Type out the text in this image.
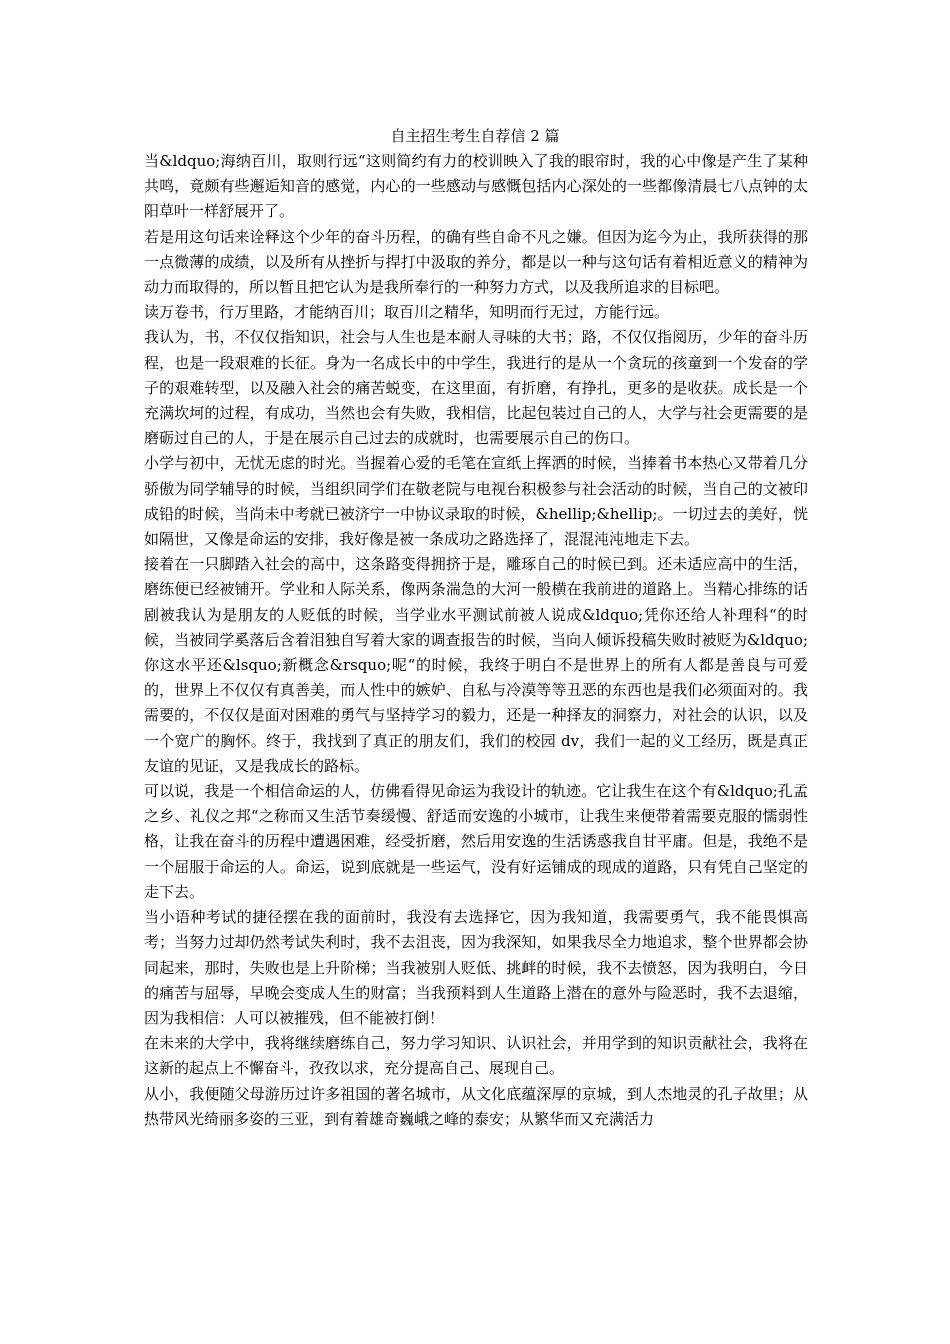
自主招生考生自荐信 2 篇

当&ldquo;海纳百川，取则行远“这则简约有力的校训映入了我的眼帘时，我的心中像是产生了某种共鸣，竟颇有些邂逅知音的感觉，内心的一些感动与感慨包括内心深处的一些都像清晨七八点钟的太阳草叶一样舒展开了。

若是用这句话来诠释这个少年的奋斗历程，的确有些自命不凡之嫌。但因为迄今为止，我所获得的那一点微薄的成绩，以及所有从挫折与捍打中汲取的养分，都是以一种与这句话有着相近意义的精神为动力而取得的，所以暂且把它认为是我所奉行的一种努力方式，以及我所追求的目标吧。

读万卷书，行万里路，才能纳百川；取百川之精华，知明而行无过，方能行远。

我认为，书，不仅仅指知识，社会与人生也是本耐人寻味的大书；路，不仅仅指阅历，少年的奋斗历程，也是一段艰难的长征。身为一名成长中的中学生，我进行的是从一个贪玩的孩童到一个发奋的学子的艰难转型，以及融入社会的痛苦蜕变，在这里面，有折磨，有挣扎，更多的是收获。成长是一个充满坎坷的过程，有成功，当然也会有失败，我相信，比起包装过自己的人，大学与社会更需要的是磨砺过自己的人，于是在展示自己过去的成就时，也需要展示自己的伤口。

小学与初中，无忧无虑的时光。当握着心爱的毛笔在宣纸上挥洒的时候，当捧着书本热心又带着几分骄傲为同学辅导的时候，当组织同学们在敬老院与电视台积极参与社会活动的时候，当自己的文被印成铅的时候，当尚未中考就已被济宁一中协议录取的时候，&hellip;&hellip;。一切过去的美好，恍如隔世，又像是命运的安排，我好像是被一条成功之路选择了，混混沌沌地走下去。

接着在一只脚踏入社会的高中，这条路变得拥挤于是，雕琢自己的时候已到。还未适应高中的生活，磨练便已经被铺开。学业和人际关系，像两条湍急的大河一般横在我前进的道路上。当精心排练的话剧被我认为是朋友的人贬低的时候，当学业水平测试前被人说成&ldquo;凭你还给人补理科“的时候，当被同学奚落后含着泪独自写着大家的调查报告的时候，当向人倾诉投稿失败时被贬为&ldquo;你这水平还&lsquo;新概念&rsquo;呢“的时候，我终于明白不是世界上的所有人都是善良与可爱的，世界上不仅仅有真善美，而人性中的嫉妒、自私与冷漠等等丑恶的东西也是我们必须面对的。我需要的，不仅仅是面对困难的勇气与坚持学习的毅力，还是一种择友的洞察力，对社会的认识，以及一个宽广的胸怀。终于，我找到了真正的朋友们，我们的校园 dv，我们一起的义工经历，既是真正友谊的见证，又是我成长的路标。

可以说，我是一个相信命运的人，仿佛看得见命运为我设计的轨迹。它让我生在这个有&ldquo;孔孟之乡、礼仪之邦“之称而又生活节奏缓慢、舒适而安逸的小城市，让我生来便带着需要克服的懦弱性格，让我在奋斗的历程中遭遇困难，经受折磨，然后用安逸的生活诱惑我自甘平庸。但是，我绝不是一个屈服于命运的人。命运，说到底就是一些运气，没有好运铺成的现成的道路，只有凭自己坚定的走下去。

当小语种考试的捷径摆在我的面前时，我没有去选择它，因为我知道，我需要勇气，我不能畏惧高考；当努力过却仍然考试失利时，我不去沮丧，因为我深知，如果我尽全力地追求，整个世界都会协同起来，那时，失败也是上升阶梯；当我被别人贬低、挑衅的时候，我不去愤怒，因为我明白，今日的痛苦与屈辱，早晚会变成人生的财富；当我预料到人生道路上潜在的意外与险恶时，我不去退缩，因为我相信：人可以被摧残，但不能被打倒！

在未来的大学中，我将继续磨练自己，努力学习知识、认识社会，并用学到的知识贡献社会，我将在这新的起点上不懈奋斗，孜孜以求，充分提高自己、展现自己。

从小，我便随父母游历过许多祖国的著名城市，从文化底蕴深厚的京城，到人杰地灵的孔子故里；从热带风光绮丽多姿的三亚，到有着雄奇巍峨之峰的泰安；从繁华而又充满活力
